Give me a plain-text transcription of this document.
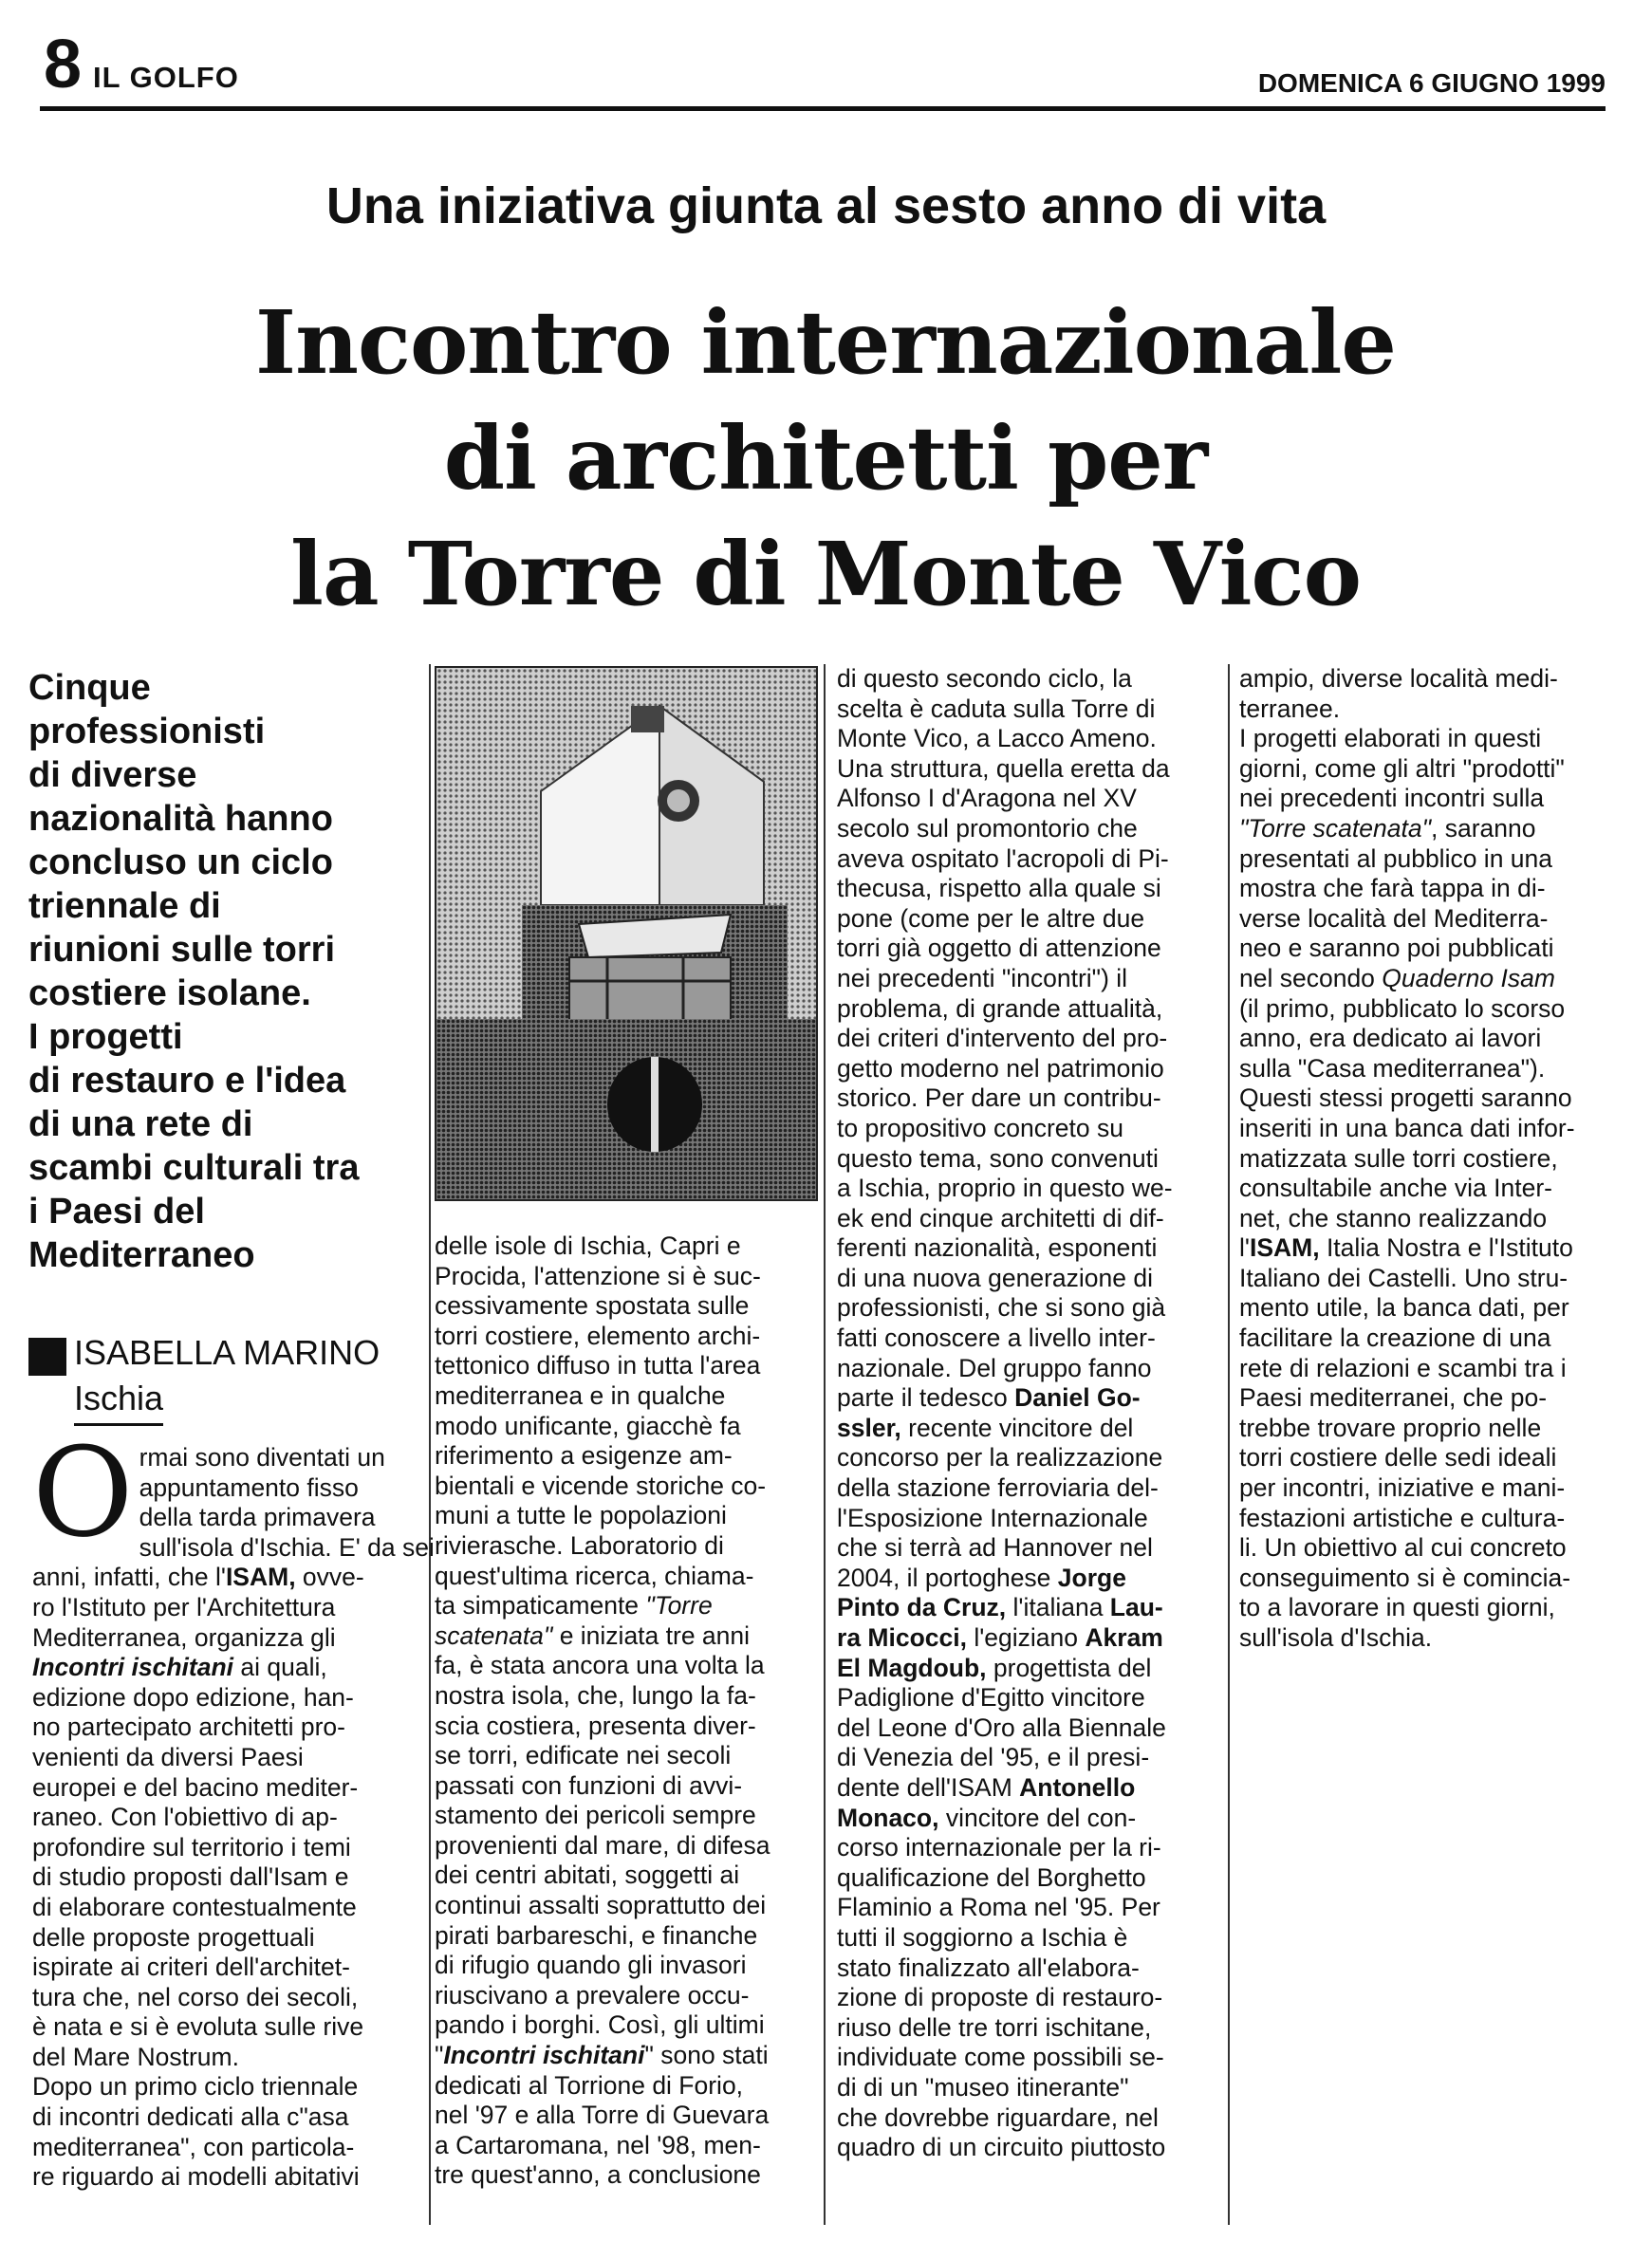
8 IL GOLFO	DOMENICA 6 GIUGNO 1999
Una iniziativa giunta al sesto anno di vita
Incontro internazionale
di architetti per
la Torre di Monte Vico
Cinque
professionisti
di diverse
nazionalità hanno
concluso un ciclo
triennale di
riunioni sulle torri
costiere isolane.
I progetti
di restauro e l'idea
di una rete di
scambi culturali tra
i Paesi del
Mediterraneo
ISABELLA MARINO
Ischia
O rmai sono diventati un
appuntamento fisso
della tarda primavera
sull'isola d'Ischia. E' da sei
anni, infatti, che l'ISAM, ovve-
ro l'Istituto per l'Architettura
Mediterranea, organizza gli
Incontri ischitani ai quali,
edizione dopo edizione, han-
no partecipato architetti pro-
venienti da diversi Paesi
europei e del bacino mediter-
raneo. Con l'obiettivo di ap-
profondire sul territorio i temi
di studio proposti dall'Isam e
di elaborare contestualmente
delle proposte progettuali
ispirate ai criteri dell'architet-
tura che, nel corso dei secoli,
è nata e si è evoluta sulle rive
del Mare Nostrum.
Dopo un primo ciclo triennale
di incontri dedicati alla c"asa
mediterranea", con particola-
re riguardo ai modelli abitativi
delle isole di Ischia, Capri e
Procida, l'attenzione si è suc-
cessivamente spostata sulle
torri costiere, elemento archi-
tettonico diffuso in tutta l'area
mediterranea e in qualche
modo unificante, giacchè fa
riferimento a esigenze am-
bientali e vicende storiche co-
muni a tutte le popolazioni
rivierasche. Laboratorio di
quest'ultima ricerca, chiama-
ta simpaticamente "Torre
scatenata" e iniziata tre anni
fa, è stata ancora una volta la
nostra isola, che, lungo la fa-
scia costiera, presenta diver-
se torri, edificate nei secoli
passati con funzioni di avvi-
stamento dei pericoli sempre
provenienti dal mare, di difesa
dei centri abitati, soggetti ai
continui assalti soprattutto dei
pirati barbareschi, e finanche
di rifugio quando gli invasori
riuscivano a prevalere occu-
pando i borghi. Così, gli ultimi
"Incontri ischitani" sono stati
dedicati al Torrione di Forio,
nel '97 e alla Torre di Guevara
a Cartaromana, nel '98, men-
tre quest'anno, a conclusione
di questo secondo ciclo, la
scelta è caduta sulla Torre di
Monte Vico, a Lacco Ameno.
Una struttura, quella eretta da
Alfonso I d'Aragona nel XV
secolo sul promontorio che
aveva ospitato l'acropoli di Pi-
thecusa, rispetto alla quale si
pone (come per le altre due
torri già oggetto di attenzione
nei precedenti "incontri") il
problema, di grande attualità,
dei criteri d'intervento del pro-
getto moderno nel patrimonio
storico. Per dare un contribu-
to propositivo concreto su
questo tema, sono convenuti
a Ischia, proprio in questo we-
ek end cinque architetti di dif-
ferenti nazionalità, esponenti
di una nuova generazione di
professionisti, che si sono già
fatti conoscere a livello inter-
nazionale. Del gruppo fanno
parte il tedesco Daniel Go-
ssler, recente vincitore del
concorso per la realizzazione
della stazione ferroviaria del-
l'Esposizione Internazionale
che si terrà ad Hannover nel
2004, il portoghese Jorge
Pinto da Cruz, l'italiana Lau-
ra Micocci, l'egiziano Akram
El Magdoub, progettista del
Padiglione d'Egitto vincitore
del Leone d'Oro alla Biennale
di Venezia del '95, e il presi-
dente dell'ISAM Antonello
Monaco, vincitore del con-
corso internazionale per la ri-
qualificazione del Borghetto
Flaminio a Roma nel '95. Per
tutti il soggiorno a Ischia è
stato finalizzato all'elabora-
zione di proposte di restauro-
riuso delle tre torri ischitane,
individuate come possibili se-
di di un "museo itinerante"
che dovrebbe riguardare, nel
quadro di un circuito piuttosto
ampio, diverse località medi-
terranee.
I progetti elaborati in questi
giorni, come gli altri "prodotti"
nei precedenti incontri sulla
"Torre scatenata", saranno
presentati al pubblico in una
mostra che farà tappa in di-
verse località del Mediterra-
neo e saranno poi pubblicati
nel secondo Quaderno Isam
(il primo, pubblicato lo scorso
anno, era dedicato ai lavori
sulla "Casa mediterranea").
Questi stessi progetti saranno
inseriti in una banca dati infor-
matizzata sulle torri costiere,
consultabile anche via Inter-
net, che stanno realizzando
l'ISAM, Italia Nostra e l'Istituto
Italiano dei Castelli. Uno stru-
mento utile, la banca dati, per
facilitare la creazione di una
rete di relazioni e scambi tra i
Paesi mediterranei, che po-
trebbe trovare proprio nelle
torri costiere delle sedi ideali
per incontri, iniziative e mani-
festazioni artistiche e cultura-
li. Un obiettivo al cui concreto
conseguimento si è comincia-
to a lavorare in questi giorni,
sull'isola d'Ischia.
